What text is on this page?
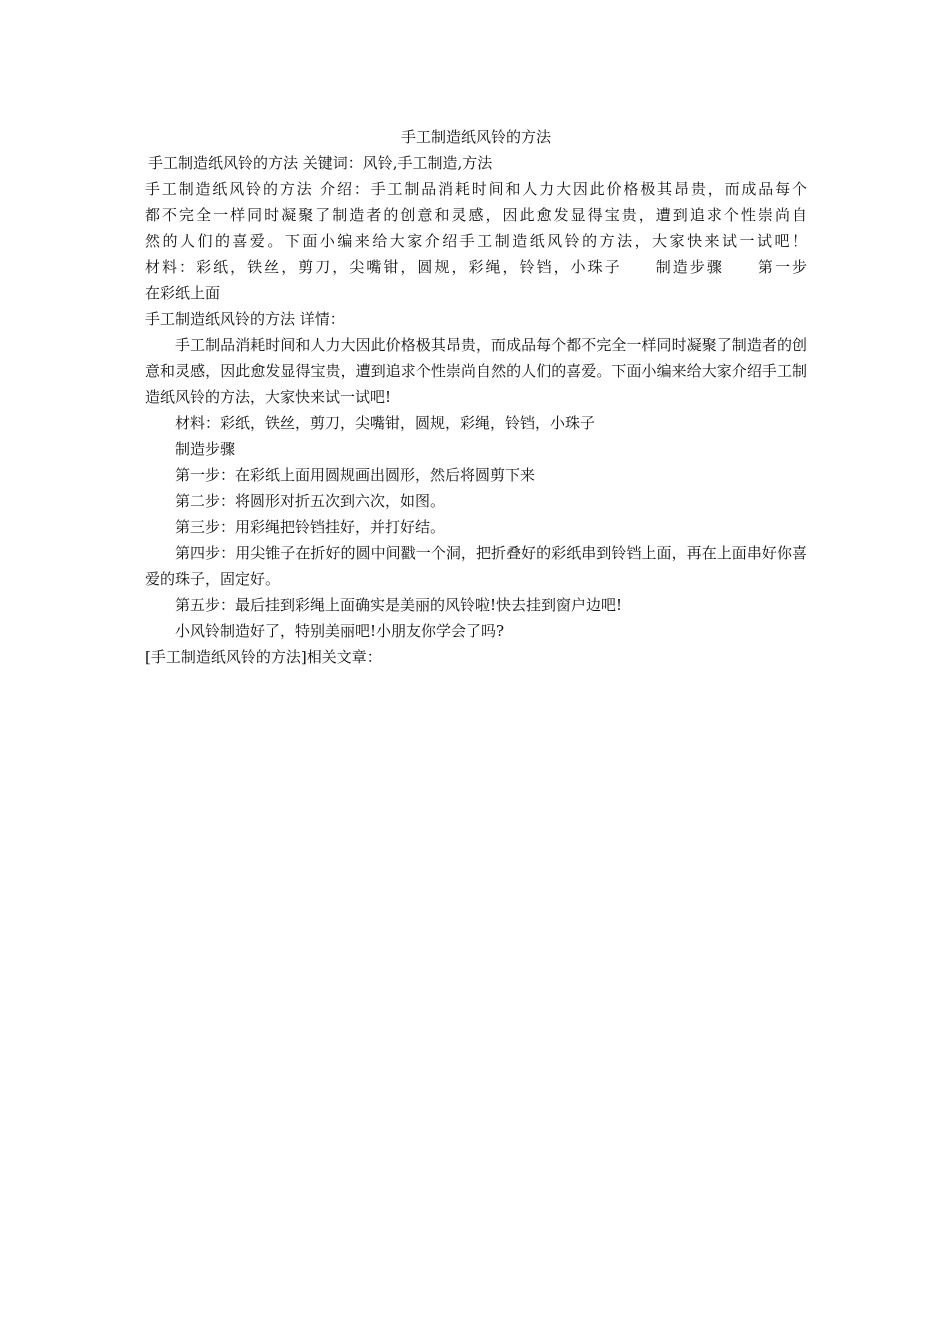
手工制造纸风铃的方法

手工制造纸风铃的方法 关键词：风铃,手工制造,方法

手工制造纸风铃的方法 介绍：手工制品消耗时间和人力大因此价格极其昂贵，而成品每个

都不完全一样同时凝聚了制造者的创意和灵感，因此愈发显得宝贵，遭到追求个性崇尚自

然的人们的喜爱。下面小编来给大家介绍手工制造纸风铃的方法，大家快来试一试吧！

材料：彩纸，铁丝，剪刀，尖嘴钳，圆规，彩绳，铃铛，小珠子　　制造步骤　　第一步

在彩纸上面

手工制造纸风铃的方法 详情：

手工制品消耗时间和人力大因此价格极其昂贵，而成品每个都不完全一样同时凝聚了制造者的创意和灵感，因此愈发显得宝贵，遭到追求个性崇尚自然的人们的喜爱。下面小编来给大家介绍手工制造纸风铃的方法，大家快来试一试吧!

材料：彩纸，铁丝，剪刀，尖嘴钳，圆规，彩绳，铃铛，小珠子

制造步骤

第一步：在彩纸上面用圆规画出圆形，然后将圆剪下来

第二步：将圆形对折五次到六次，如图。

第三步：用彩绳把铃铛挂好，并打好结。

第四步：用尖锥子在折好的圆中间戳一个洞，把折叠好的彩纸串到铃铛上面，再在上面串好你喜爱的珠子，固定好。

第五步：最后挂到彩绳上面确实是美丽的风铃啦!快去挂到窗户边吧!

小风铃制造好了，特别美丽吧!小朋友你学会了吗?

[手工制造纸风铃的方法]相关文章：
